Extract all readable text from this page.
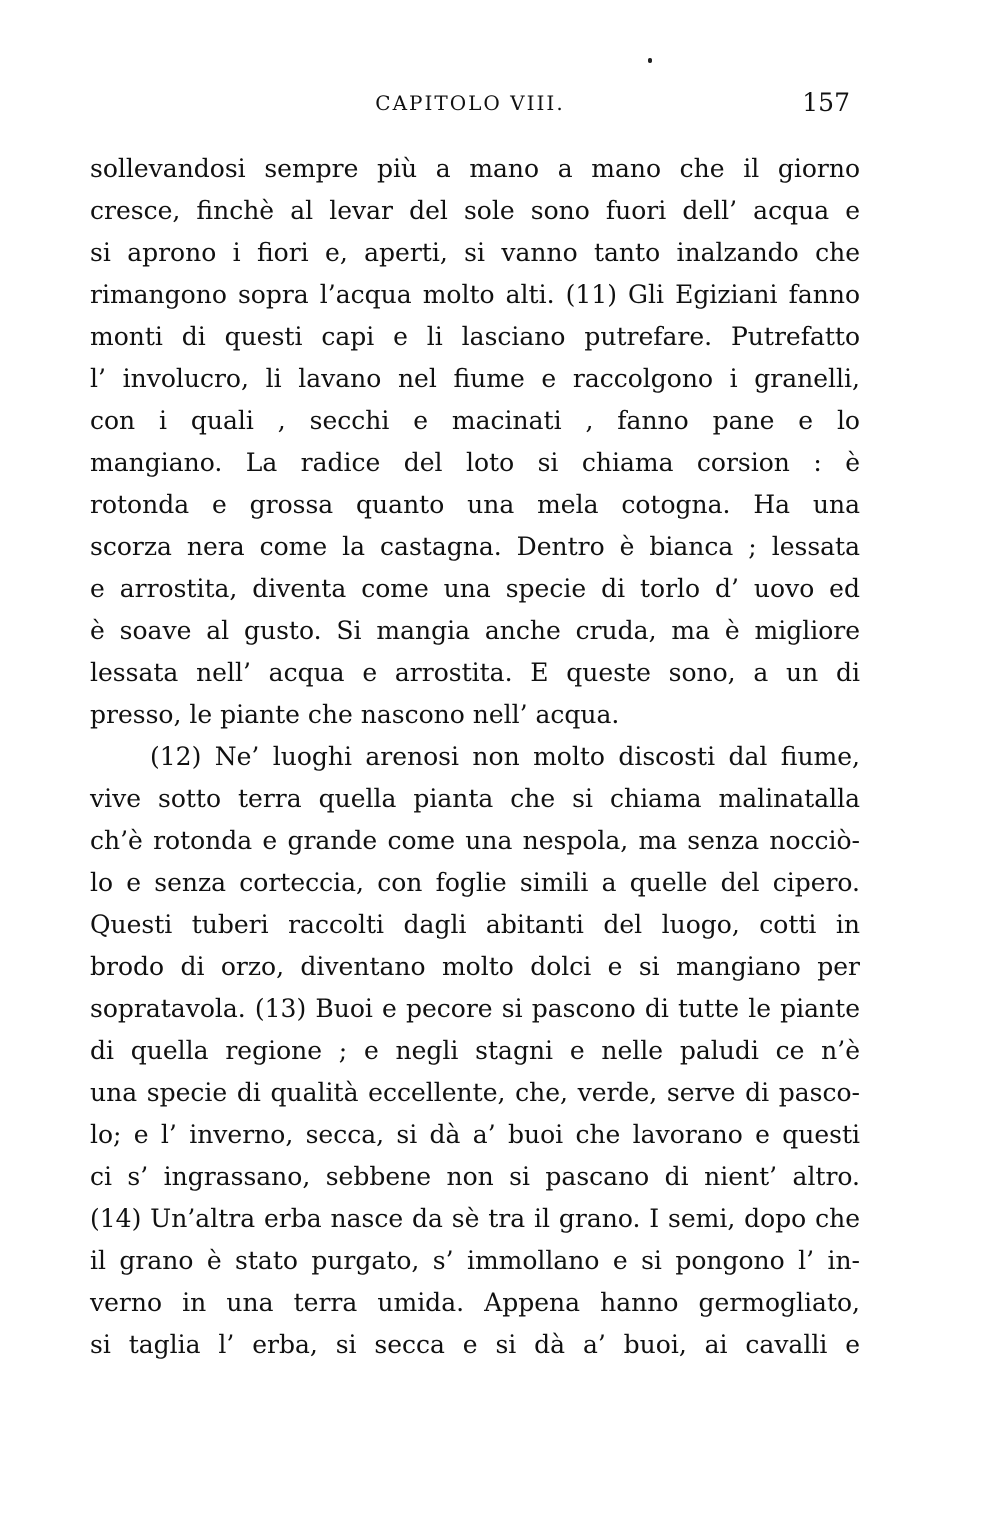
CAPITOLO VIII.	157
sollevandosi sempre più a mano a mano che il giorno
cresce, finchè al levar del sole sono fuori dell’ acqua e
si aprono i fiori e, aperti, si vanno tanto inalzando che
rimangono sopra l’acqua molto alti. (11) Gli Egiziani fanno
monti di questi capi e li lasciano putrefare. Putrefatto
l’ involucro, li lavano nel fiume e raccolgono i granelli,
con i quali , secchi e macinati , fanno pane e lo
mangiano. La radice del loto si chiama corsion : è
rotonda e grossa quanto una mela cotogna. Ha una
scorza nera come la castagna. Dentro è bianca ; lessata
e arrostita, diventa come una specie di torlo d’ uovo ed
è soave al gusto. Si mangia anche cruda, ma è migliore
lessata nell’ acqua e arrostita. E queste sono, a un di
presso, le piante che nascono nell’ acqua.
(12) Ne’ luoghi arenosi non molto discosti dal fiume,
vive sotto terra quella pianta che si chiama malinatalla
ch’è rotonda e grande come una nespola, ma senza nocciò-
lo e senza corteccia, con foglie simili a quelle del cipero.
Questi tuberi raccolti dagli abitanti del luogo, cotti in
brodo di orzo, diventano molto dolci e si mangiano per
sopratavola. (13) Buoi e pecore si pascono di tutte le piante
di quella regione ; e negli stagni e nelle paludi ce n’è
una specie di qualità eccellente, che, verde, serve di pasco-
lo; e l’ inverno, secca, si dà a’ buoi che lavorano e questi
ci s’ ingrassano, sebbene non si pascano di nient’ altro.
(14) Un’altra erba nasce da sè tra il grano. I semi, dopo che
il grano è stato purgato, s’ immollano e si pongono l’ in-
verno in una terra umida. Appena hanno germogliato,
si taglia l’ erba, si secca e si dà a’ buoi, ai cavalli e
